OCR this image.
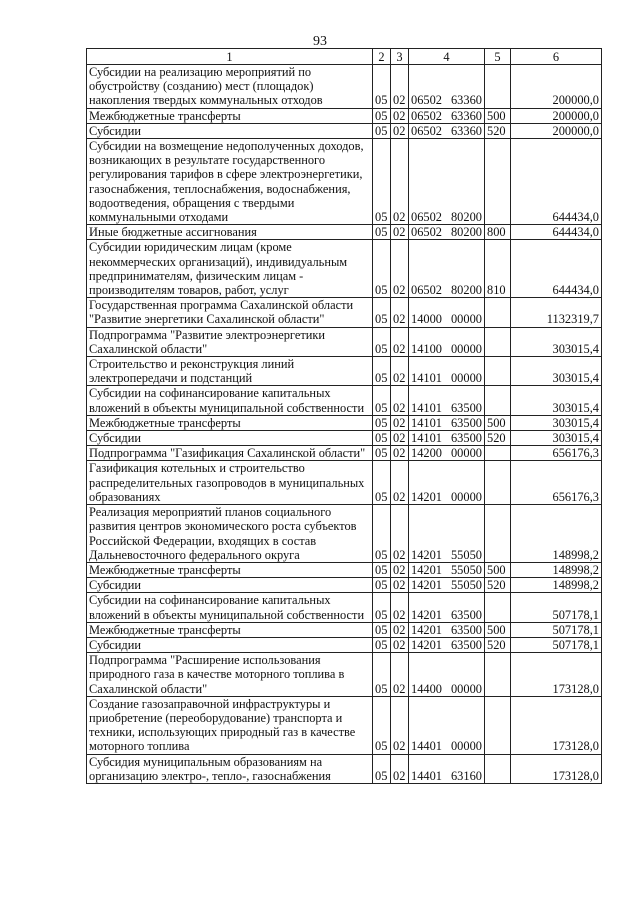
93
1	2	3	4	5	6
Субсидии на реализацию мероприятий по обустройству (созданию) мест (площадок) накопления твердых коммунальных отходов	05	02	06502 63360		200000,0
Межбюджетные трансферты	05	02	06502 63360	500	200000,0
Субсидии	05	02	06502 63360	520	200000,0
Субсидии на возмещение недополученных доходов, возникающих в результате государственного регулирования тарифов в сфере электроэнергетики, газоснабжения, теплоснабжения, водоснабжения, водоотведения, обращения с твердыми коммунальными отходами	05	02	06502 80200		644434,0
Иные бюджетные ассигнования	05	02	06502 80200	800	644434,0
Субсидии юридическим лицам (кроме некоммерческих организаций), индивидуальным предпринимателям, физическим лицам - производителям товаров, работ, услуг	05	02	06502 80200	810	644434,0
Государственная программа Сахалинской области "Развитие энергетики Сахалинской области"	05	02	14000 00000		1132319,7
Подпрограмма "Развитие электроэнергетики Сахалинской области"	05	02	14100 00000		303015,4
Строительство и реконструкция линий электропередачи и подстанций	05	02	14101 00000		303015,4
Субсидии на софинансирование капитальных вложений в объекты муниципальной собственности	05	02	14101 63500		303015,4
Межбюджетные трансферты	05	02	14101 63500	500	303015,4
Субсидии	05	02	14101 63500	520	303015,4
Подпрограмма "Газификация Сахалинской области"	05	02	14200 00000		656176,3
Газификация котельных и строительство распределительных газопроводов в муниципальных образованиях	05	02	14201 00000		656176,3
Реализация мероприятий планов социального развития центров экономического роста субъектов Российской Федерации, входящих в состав Дальневосточного федерального округа	05	02	14201 55050		148998,2
Межбюджетные трансферты	05	02	14201 55050	500	148998,2
Субсидии	05	02	14201 55050	520	148998,2
Субсидии на софинансирование капитальных вложений в объекты муниципальной собственности	05	02	14201 63500		507178,1
Межбюджетные трансферты	05	02	14201 63500	500	507178,1
Субсидии	05	02	14201 63500	520	507178,1
Подпрограмма "Расширение использования природного газа в качестве моторного топлива в Сахалинской области"	05	02	14400 00000		173128,0
Создание газозаправочной инфраструктуры и приобретение (переоборудование) транспорта и техники, использующих природный газ в качестве моторного топлива	05	02	14401 00000		173128,0
Субсидия муниципальным образованиям на организацию электро-, тепло-, газоснабжения	05	02	14401 63160		173128,0
